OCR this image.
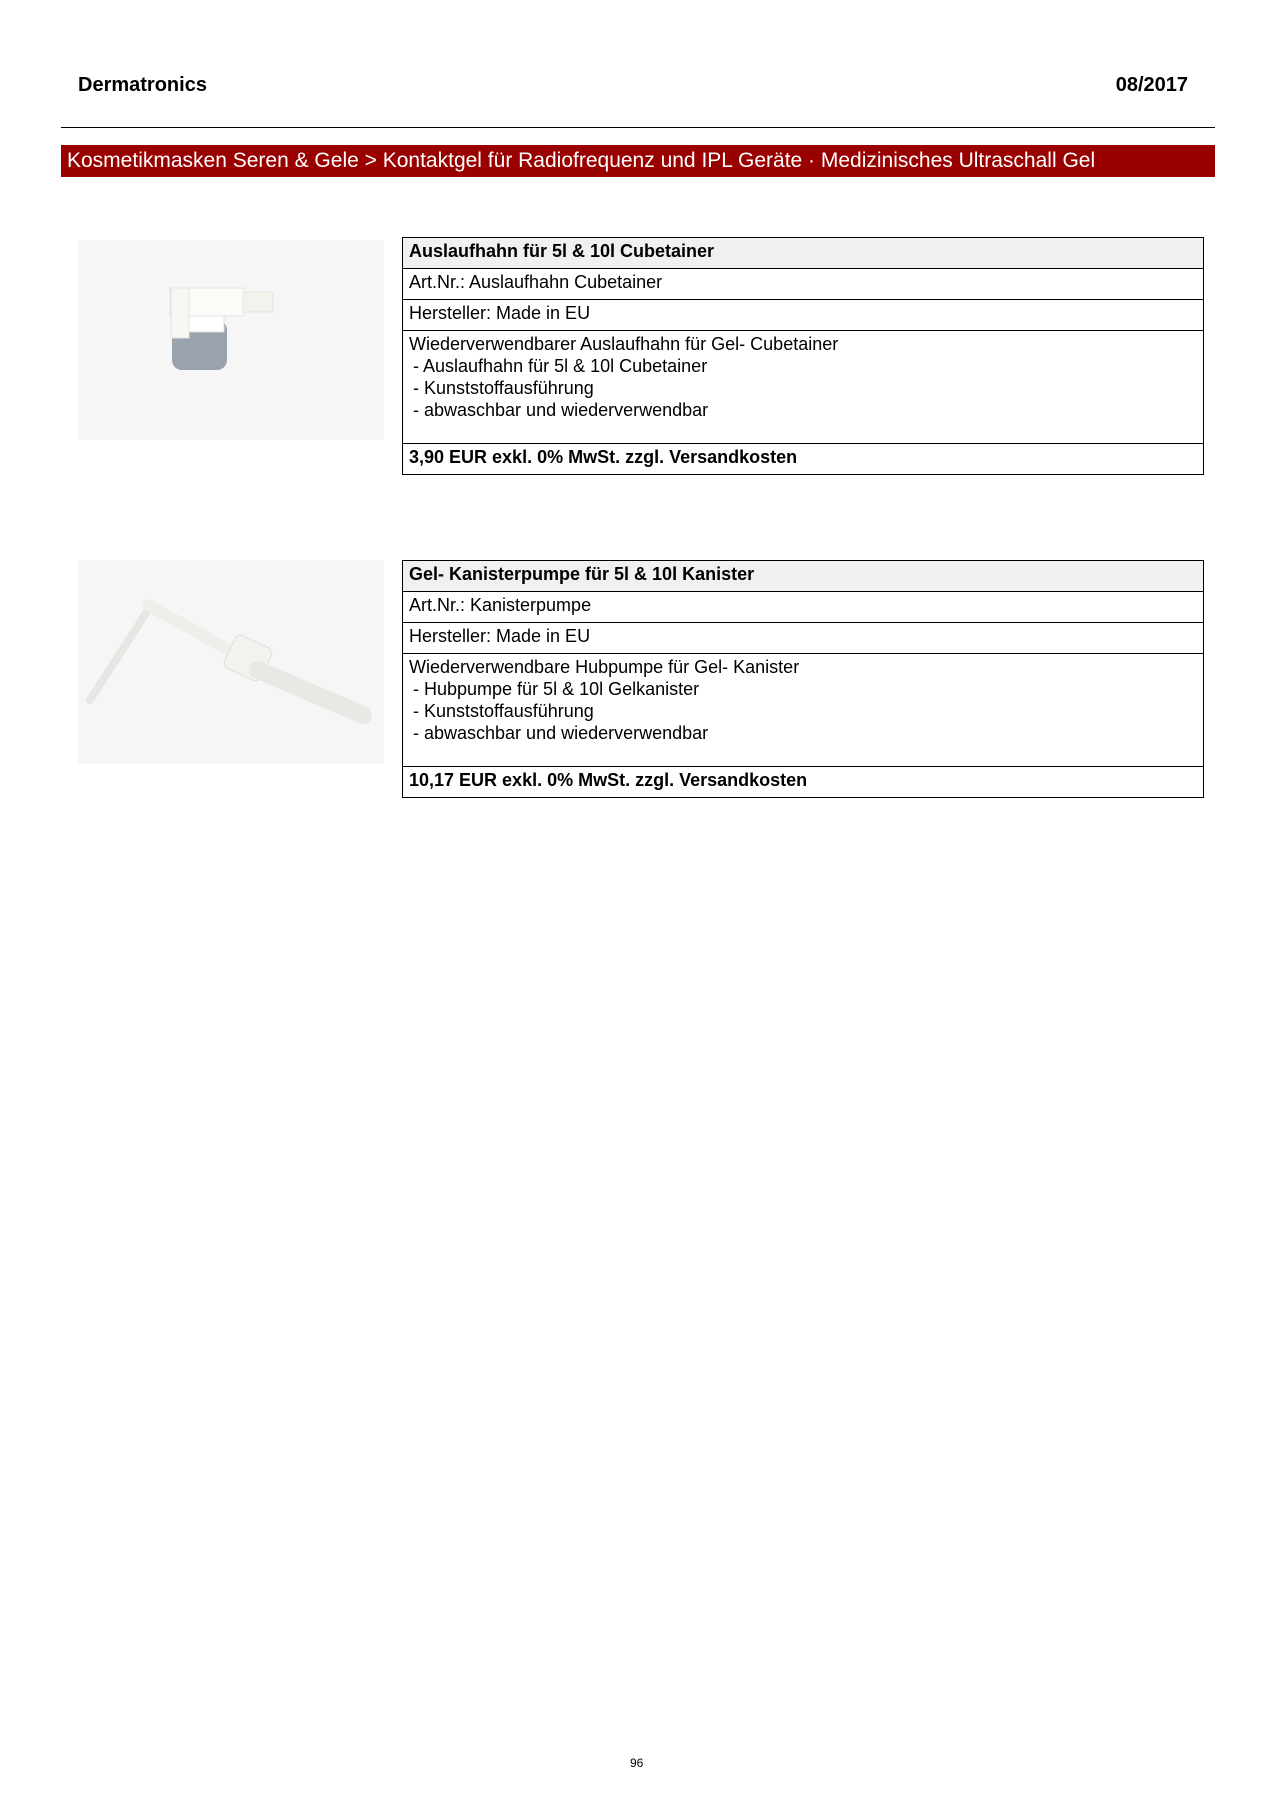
Dermatronics	08/2017
Kosmetikmasken Seren & Gele > Kontaktgel für Radiofrequenz und IPL Geräte · Medizinisches Ultraschall Gel
Auslaufhahn für 5l & 10l Cubetainer
Art.Nr.: Auslaufhahn Cubetainer
Hersteller: Made in EU

Wiederverwendbarer Auslaufhahn für Gel- Cubetainer
- Auslaufhahn für 5l & 10l Cubetainer
- Kunststoffausführung
- abwaschbar und wiederverwendbar

3,90 EUR exkl. 0% MwSt. zzgl. Versandkosten
Gel- Kanisterpumpe für 5l & 10l Kanister
Art.Nr.: Kanisterpumpe
Hersteller: Made in EU

Wiederverwendbare Hubpumpe für Gel- Kanister
- Hubpumpe für 5l & 10l Gelkanister
- Kunststoffausführung
- abwaschbar und wiederverwendbar

10,17 EUR exkl. 0% MwSt. zzgl. Versandkosten
96
